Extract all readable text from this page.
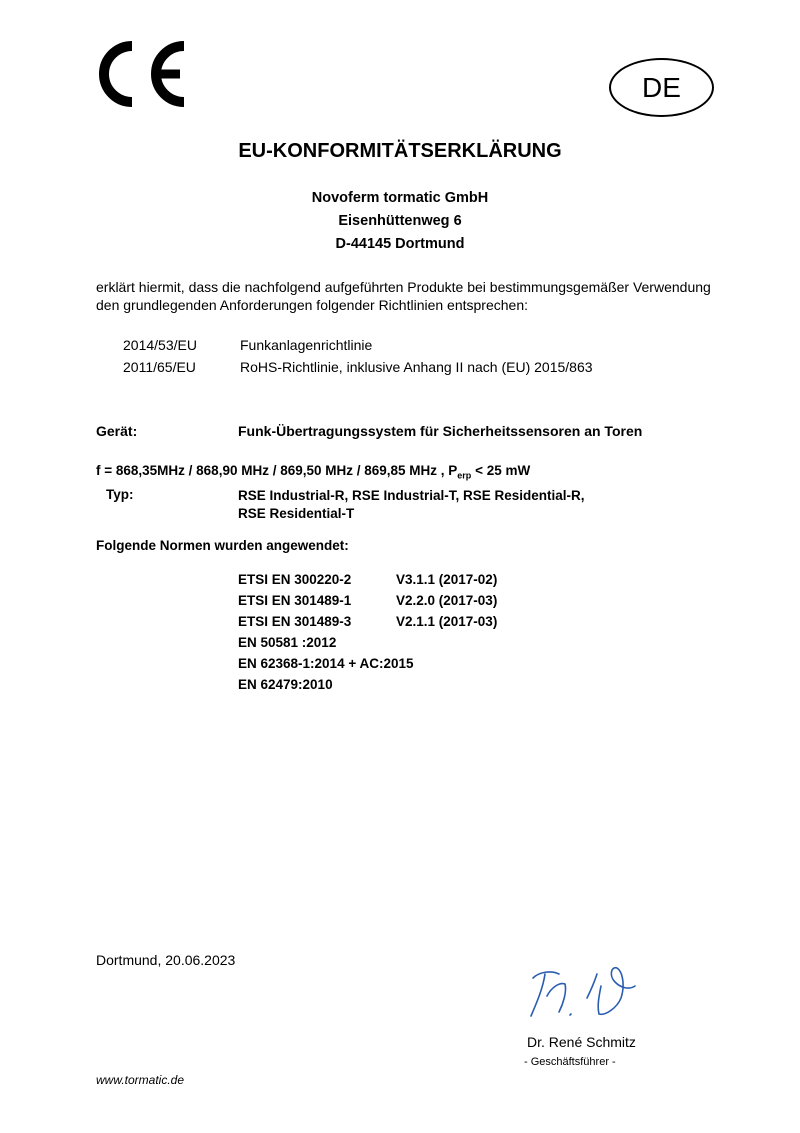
DE
EU-KONFORMITÄTSERKLÄRUNG
Novoferm tormatic GmbH
Eisenhüttenweg 6
D-44145 Dortmund
erklärt hiermit, dass die nachfolgend aufgeführten Produkte bei bestimmungsgemäßer Verwendung den grundlegenden Anforderungen folgender Richtlinien entsprechen:
2014/53/EU	Funkanlagenrichtlinie
2011/65/EU	RoHS-Richtlinie, inklusive Anhang II nach (EU) 2015/863
Gerät:	Funk-Übertragungssystem für Sicherheitssensoren an Toren
f = 868,35MHz / 868,90 MHz / 869,50 MHz / 869,85 MHz , $P_{erp} < 25$ mW
Typ:	RSE Industrial-R, RSE Industrial-T, RSE Residential-R,
RSE Residential-T
Folgende Normen wurden angewendet:
ETSI EN 300220-2	V3.1.1 (2017-02)
ETSI EN 301489-1	V2.2.0 (2017-03)
ETSI EN 301489-3	V2.1.1 (2017-03)
EN 50581 :2012
EN 62368-1:2014 + AC:2015
EN 62479:2010
Dortmund, 20.06.2023
Dr. René Schmitz
- Geschäftsführer -
www.tormatic.de
